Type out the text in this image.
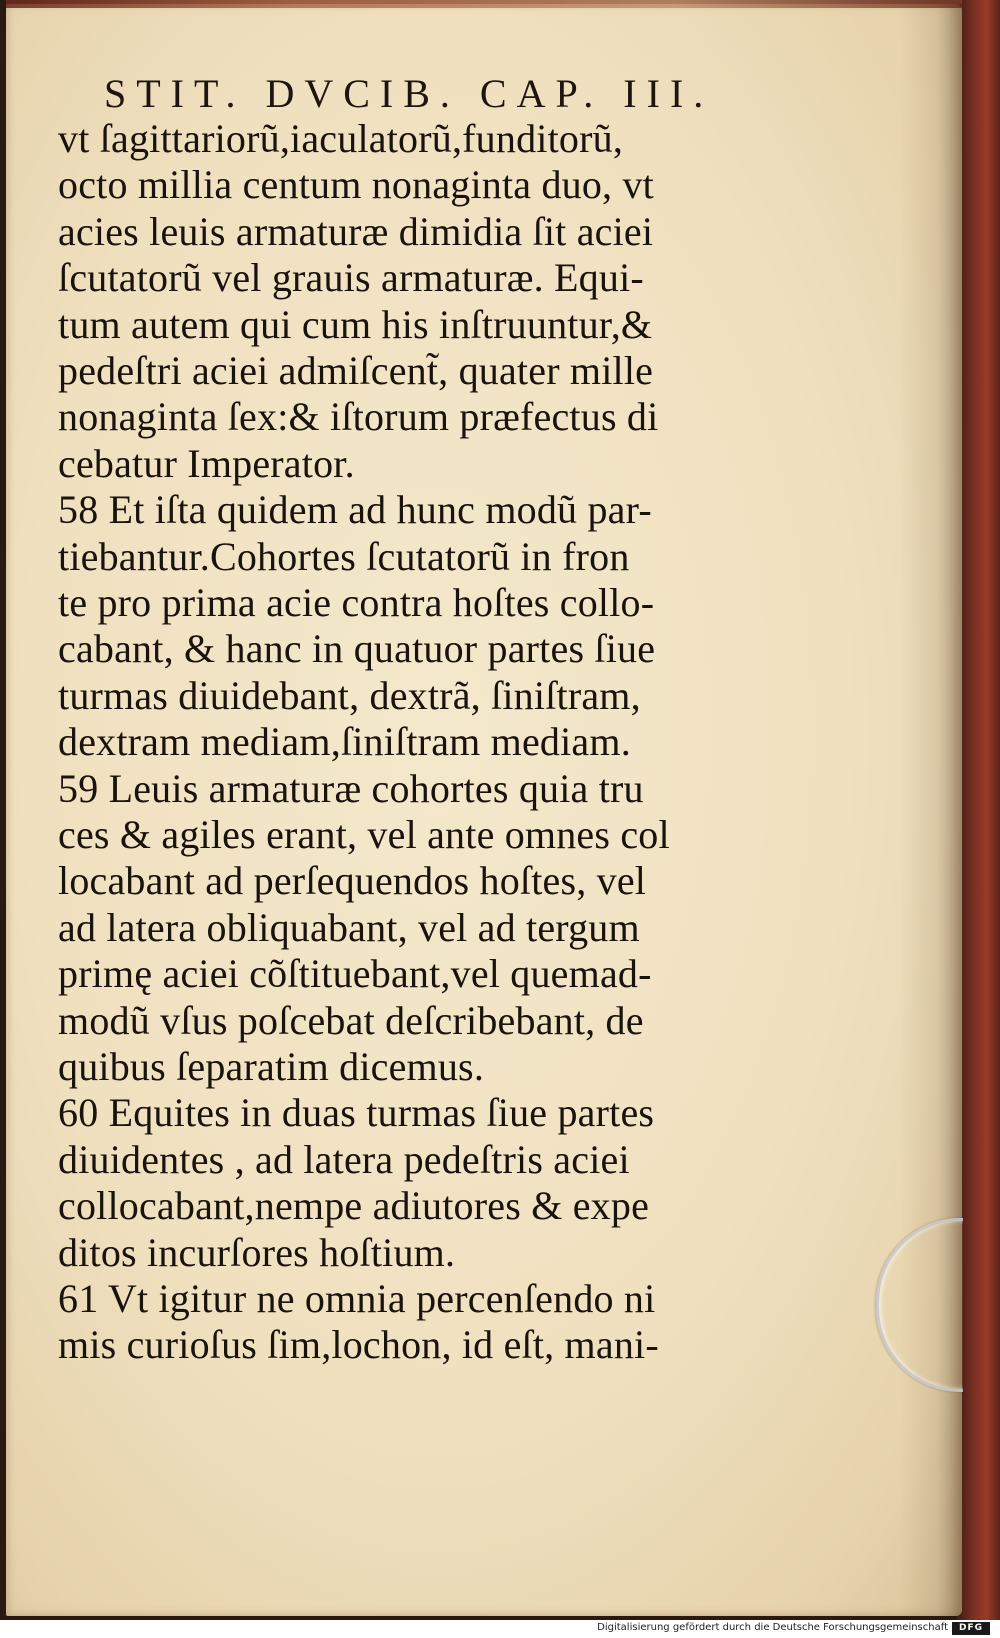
STIT. DVCIB. CAP. III.
vt ſagittariorũ,iaculatorũ,funditorũ,
octo millia centum nonaginta duo, vt
acies leuis armaturæ dimidia ſit aciei
ſcutatorũ vel grauis armaturæ. Equi-
tum autem qui cum his inſtruuntur,&
pedeſtri aciei admiſcent̃, quater mille
nonaginta ſex:& iſtorum præfectus di
cebatur Imperator.
58 Et iſta quidem ad hunc modũ par-
tiebantur.Cohortes ſcutatorũ in fron
te pro prima acie contra hoſtes collo-
cabant, & hanc in quatuor partes ſiue
turmas diuidebant, dextrã, ſiniſtram,
dextram mediam,ſiniſtram mediam.
59 Leuis armaturæ cohortes quia tru
ces & agiles erant, vel ante omnes col
locabant ad perſequendos hoſtes, vel
ad latera obliquabant, vel ad tergum
primę aciei cõſtituebant,vel quemad-
modũ vſus poſcebat deſcribebant, de
quibus ſeparatim dicemus.
60 Equites in duas turmas ſiue partes
diuidentes , ad latera pedeſtris aciei
collocabant,nempe adiutores & expe
ditos incurſores hoſtium.
61 Vt igitur ne omnia percenſendo ni
mis curioſus ſim,lochon, id eſt, mani-
Digitalisierung gefördert durch die Deutsche Forschungsgemeinschaft	DFG
